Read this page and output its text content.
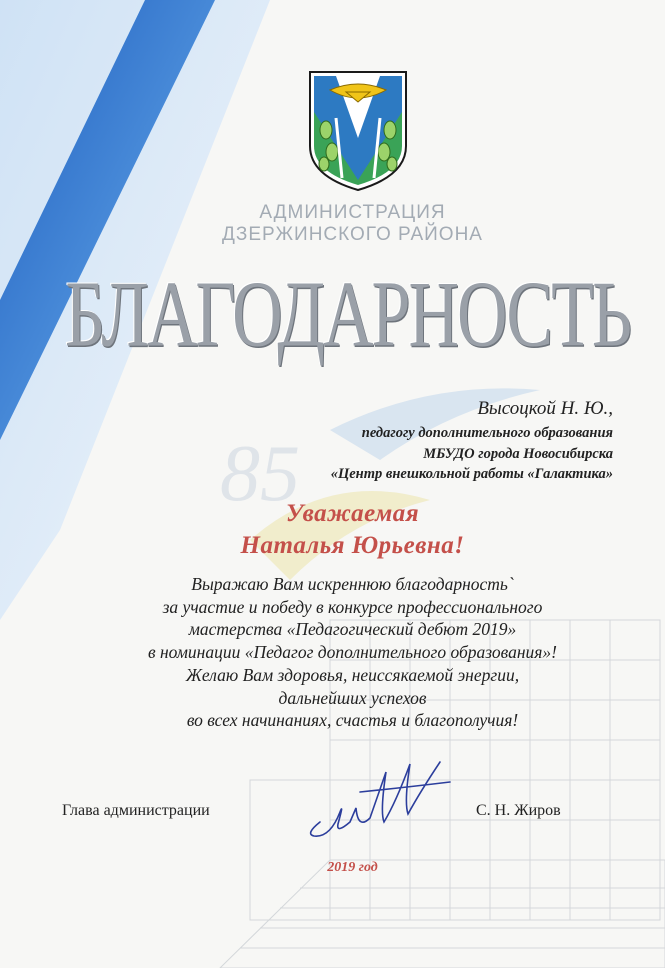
85
АДМИНИСТРАЦИЯ
ДЗЕРЖИНСКОГО РАЙОНА
БЛАГОДАРНОСТЬ
Высоцкой Н. Ю.,
педагогу дополнительного образования
МБУДО города Новосибирска
«Центр внешкольной работы «Галактика»
Уважаемая
Наталья Юрьевна!
Выражаю Вам искреннюю благодарность`
за участие и победу в конкурсе профессионального
мастерства «Педагогический дебют 2019»
в номинации «Педагог дополнительного образования»!
Желаю Вам здоровья, неиссякаемой энергии,
дальнейших успехов
во всех начинаниях, счастья и благополучия!
Глава администрации	С. Н. Жиров
2019 год
